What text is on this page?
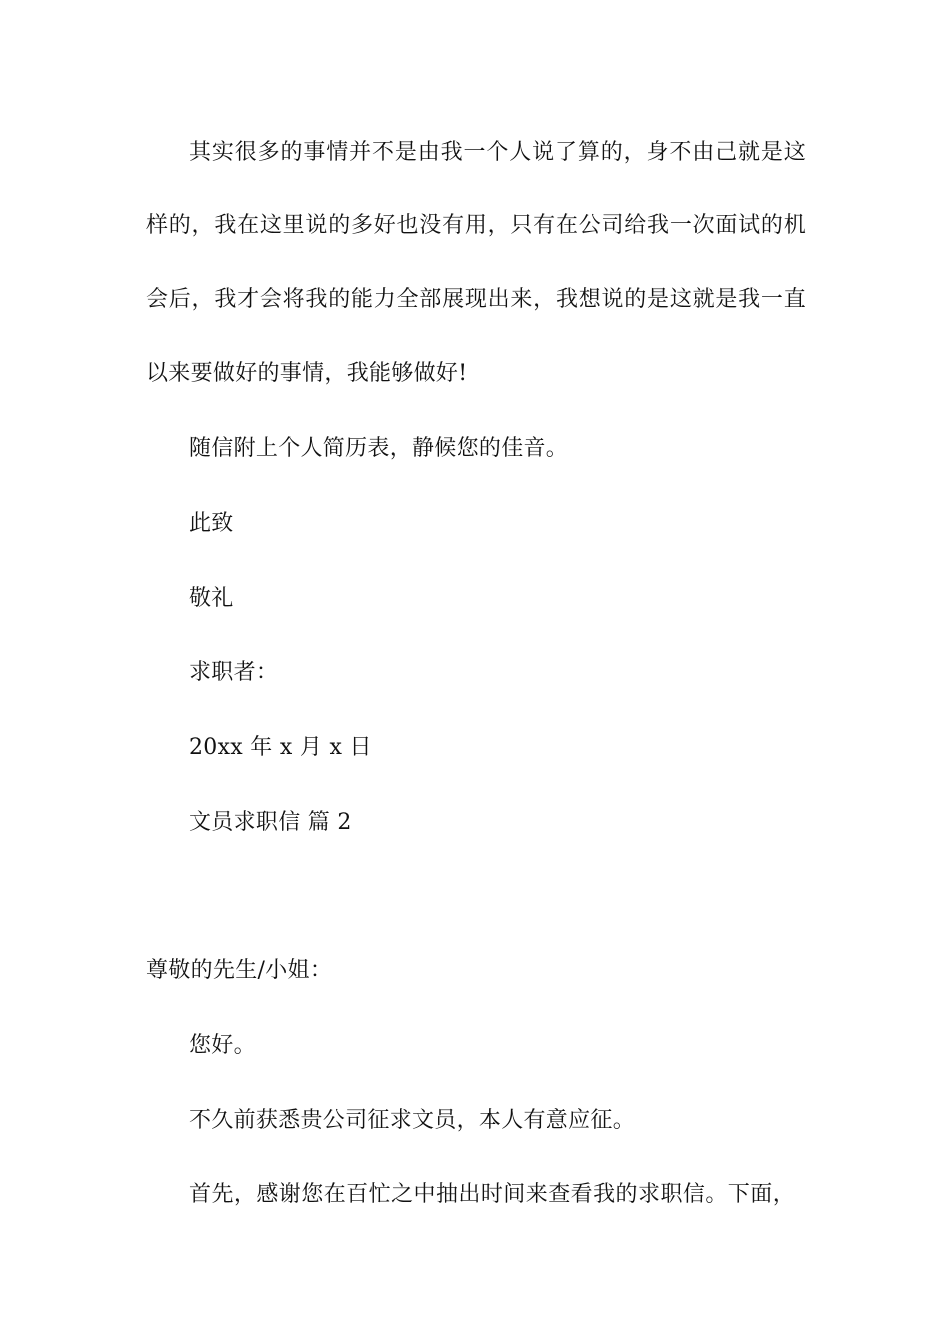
其实很多的事情并不是由我一个人说了算的，身不由己就是这
样的，我在这里说的多好也没有用，只有在公司给我一次面试的机
会后，我才会将我的能力全部展现出来，我想说的是这就是我一直
以来要做好的事情，我能够做好!
随信附上个人简历表，静候您的佳音。
此致
敬礼
求职者：
20xx 年 x 月 x 日
文员求职信 篇 2
尊敬的先生/小姐：
您好。
不久前获悉贵公司征求文员，本人有意应征。
首先，感谢您在百忙之中抽出时间来查看我的求职信。下面，
